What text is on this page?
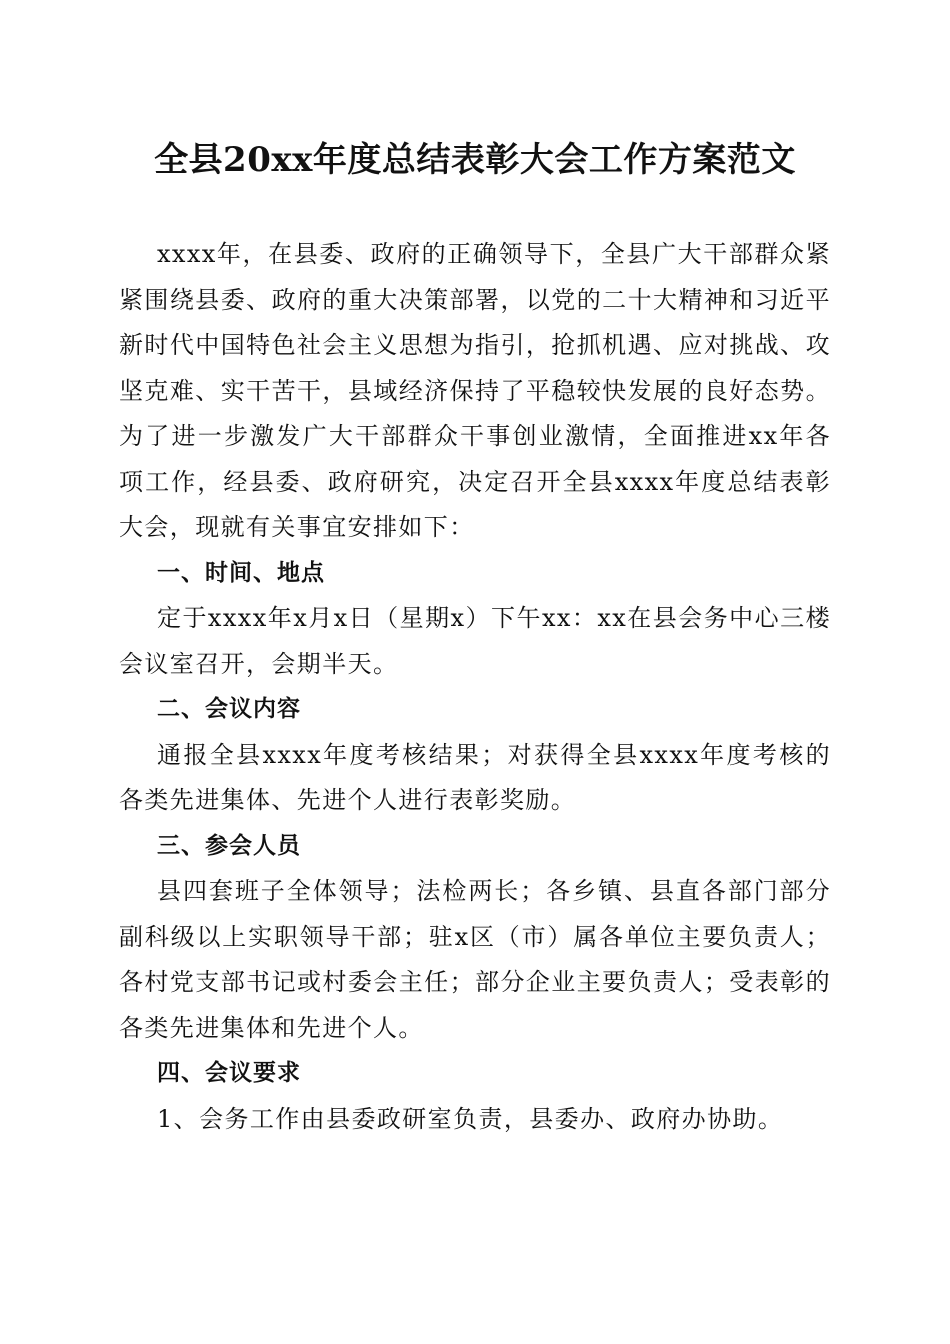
全县20xx年度总结表彰大会工作方案范文

xxxx年，在县委、政府的正确领导下，全县广大干部群众紧紧围绕县委、政府的重大决策部署，以党的二十大精神和习近平新时代中国特色社会主义思想为指引，抢抓机遇、应对挑战、攻坚克难、实干苦干，县域经济保持了平稳较快发展的良好态势。为了进一步激发广大干部群众干事创业激情，全面推进xx年各项工作，经县委、政府研究，决定召开全县xxxx年度总结表彰大会，现就有关事宜安排如下：

一、时间、地点

定于xxxx年x月x日（星期x）下午xx：xx在县会务中心三楼会议室召开，会期半天。

二、会议内容

通报全县xxxx年度考核结果；对获得全县xxxx年度考核的各类先进集体、先进个人进行表彰奖励。

三、参会人员

县四套班子全体领导；法检两长；各乡镇、县直各部门部分副科级以上实职领导干部；驻x区（市）属各单位主要负责人；各村党支部书记或村委会主任；部分企业主要负责人；受表彰的各类先进集体和先进个人。

四、会议要求

1、会务工作由县委政研室负责，县委办、政府办协助。
